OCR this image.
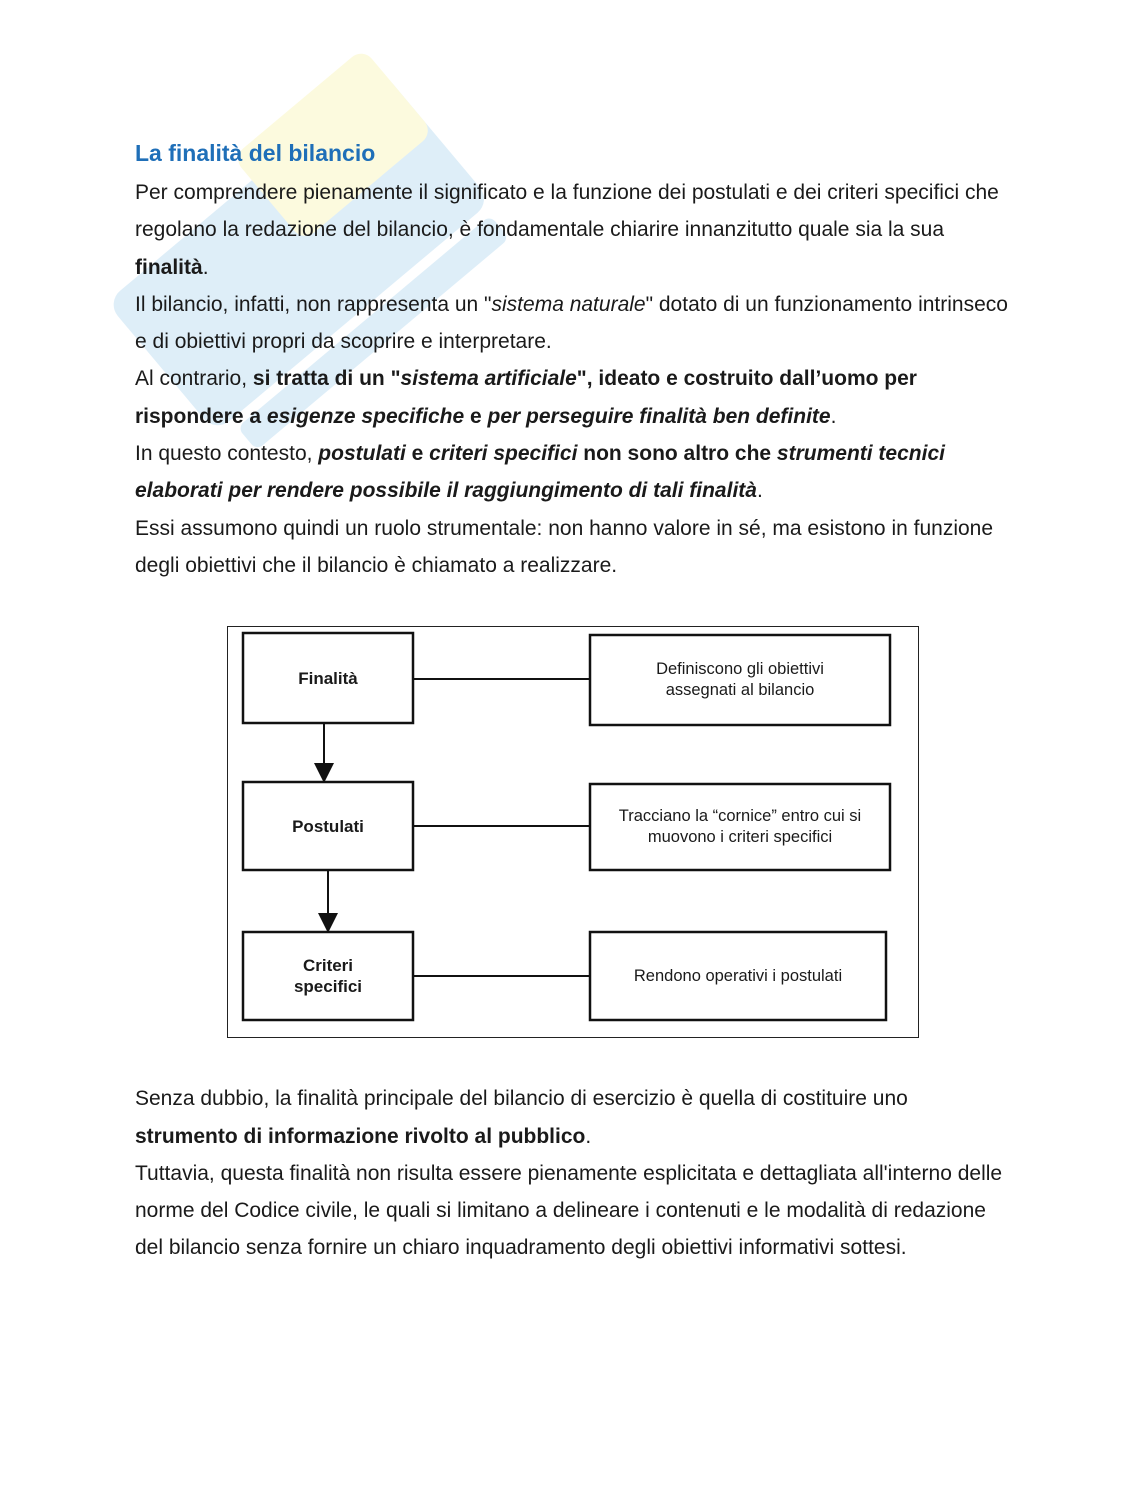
La finalità del bilancio

Per comprendere pienamente il significato e la funzione dei postulati e dei criteri specifici che regolano la redazione del bilancio, è fondamentale chiarire innanzitutto quale sia la sua finalità.

Il bilancio, infatti, non rappresenta un "sistema naturale" dotato di un funzionamento intrinseco e di obiettivi propri da scoprire e interpretare.

Al contrario, si tratta di un "sistema artificiale", ideato e costruito dall’uomo per rispondere a esigenze specifiche e per perseguire finalità ben definite.

In questo contesto, postulati e criteri specifici non sono altro che strumenti tecnici elaborati per rendere possibile il raggiungimento di tali finalità.

Essi assumono quindi un ruolo strumentale: non hanno valore in sé, ma esistono in funzione degli obiettivi che il bilancio è chiamato a realizzare.

Finalità
Postulati
Criteri specifici
Definiscono gli obiettivi assegnati al bilancio
Tracciano la “cornice” entro cui si muovono i criteri specifici
Rendono operativi i postulati

Senza dubbio, la finalità principale del bilancio di esercizio è quella di costituire uno strumento di informazione rivolto al pubblico.

Tuttavia, questa finalità non risulta essere pienamente esplicitata e dettagliata all'interno delle norme del Codice civile, le quali si limitano a delineare i contenuti e le modalità di redazione del bilancio senza fornire un chiaro inquadramento degli obiettivi informativi sottesi.
